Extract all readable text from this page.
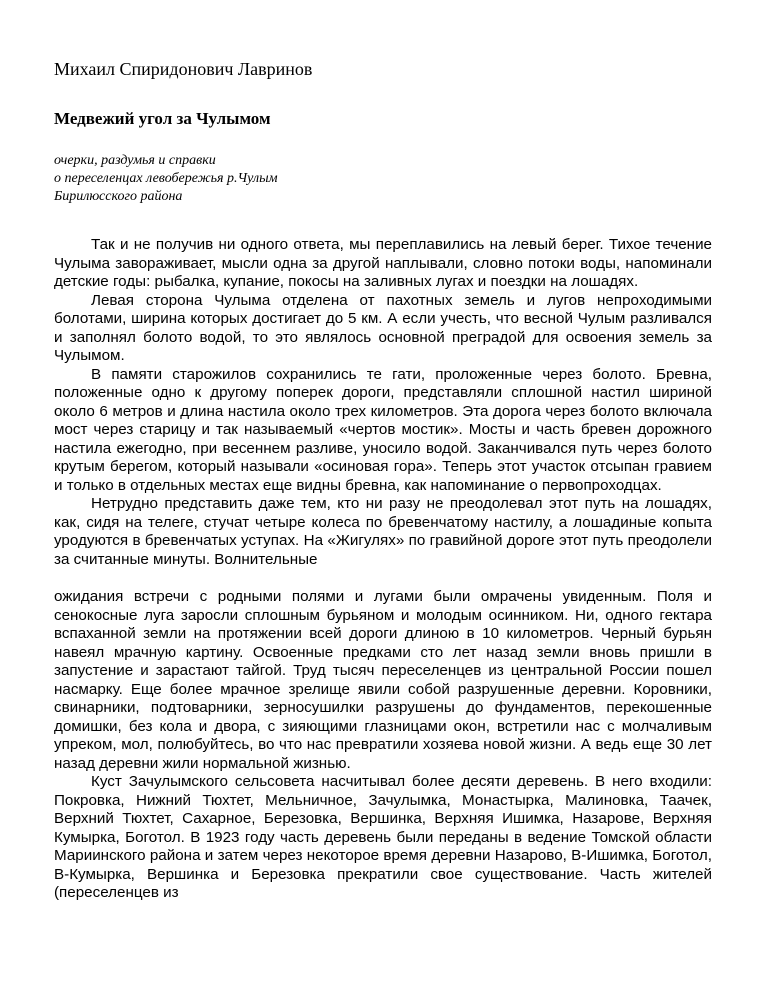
Михаил Спиридонович Лавринов

Медвежий угол за Чулымом

очерки, раздумья и справки
о переселенцах левобережья р.Чулым
Бирилюсского района

Так и не получив ни одного ответа, мы переплавились на левый берег. Тихое течение Чулыма завораживает, мысли одна за другой наплывали, словно потоки воды, напоминали детские годы: рыбалка, купание, покосы на заливных лугах и поездки на лошадях.

Левая сторона Чулыма отделена от пахотных земель и лугов непроходимыми болотами, ширина которых достигает до 5 км. А если учесть, что весной Чулым разливался и заполнял болото водой, то это являлось основной преградой для освоения земель за Чулымом.

В памяти старожилов сохранились те гати, проложенные через болото. Бревна, положенные одно к другому поперек дороги, представляли сплошной настил шириной около 6 метров и длина настила около трех километров. Эта дорога через болото включала мост через старицу и так называемый «чертов мостик». Мосты и часть бревен дорожного настила ежегодно, при весеннем разливе, уносило водой. Заканчивался путь через болото крутым берегом, который называли «осиновая гора». Теперь этот участок отсыпан гравием и только в отдельных местах еще видны бревна, как напоминание о первопроходцах.

Нетрудно представить даже тем, кто ни разу не преодолевал этот путь на лошадях, как, сидя на телеге, стучат четыре колеса по бревенчатому настилу, а лошадиные копыта уродуются в бревенчатых уступах. На «Жигулях» по гравийной дороге этот путь преодолели за считанные минуты. Волнительные

ожидания встречи с родными полями и лугами были омрачены увиденным. Поля и сенокосные луга заросли сплошным бурьяном и молодым осинником. Ни, одного гектара вспаханной земли на протяжении всей дороги длиною в 10 километров. Черный бурьян навеял мрачную картину. Освоенные предками сто лет назад земли вновь пришли в запустение и зарастают тайгой. Труд тысяч переселенцев из центральной России пошел насмарку. Еще более мрачное зрелище явили собой разрушенные деревни. Коровники, свинарники, подтоварники, зерносушилки разрушены до фундаментов, перекошенные домишки, без кола и двора, с зияющими глазницами окон, встретили нас с молчаливым упреком, мол, полюбуйтесь, во что нас превратили хозяева новой жизни. А ведь еще 30 лет назад деревни жили нормальной жизнью.

Куст Зачулымского сельсовета насчитывал более десяти деревень. В него входили: Покровка, Нижний Тюхтет, Мельничное, Зачулымка, Монастырка, Малиновка, Таачек, Верхний Тюхтет, Сахарное, Березовка, Вершинка, Верхняя Ишимка, Назарове, Верхняя Кумырка, Боготол. В 1923 году часть деревень были переданы в ведение Томской области Мариинского района и затем через некоторое время деревни Назарово, В-Ишимка, Боготол, В-Кумырка, Вершинка и Березовка прекратили свое существование. Часть жителей (переселенцев из
